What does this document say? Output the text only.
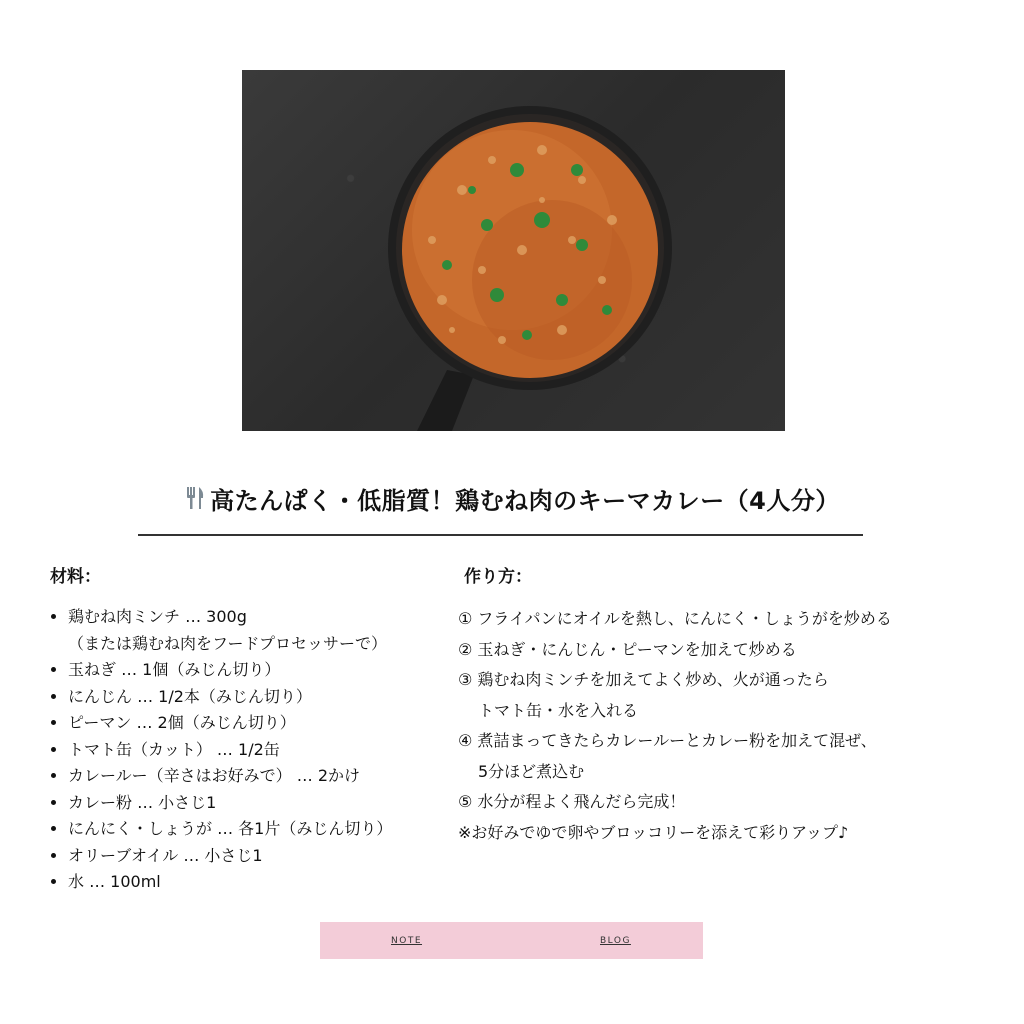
高たんぱく・低脂質！鶏むね肉のキーマカレー（4人分）
材料：	作り方：
• 鶏むね肉ミンチ … 300g
（または鶏むね肉をフードプロセッサーで）
• 玉ねぎ … 1個（みじん切り）
• にんじん … 1/2本（みじん切り）
• ピーマン … 2個（みじん切り）
• トマト缶（カット） … 1/2缶
• カレールー（辛さはお好みで） … 2かけ
• カレー粉 … 小さじ1
• にんにく・しょうが … 各1片（みじん切り）
• オリーブオイル … 小さじ1
• 水 … 100ml
① フライパンにオイルを熱し、にんにく・しょうがを炒める
② 玉ねぎ・にんじん・ピーマンを加えて炒める
③ 鶏むね肉ミンチを加えてよく炒め、火が通ったら
トマト缶・水を入れる
④ 煮詰まってきたらカレールーとカレー粉を加えて混ぜ、
5分ほど煮込む
⑤ 水分が程よく飛んだら完成！
※お好みでゆで卵やブロッコリーを添えて彩りアップ♪
NOTE	BLOG
